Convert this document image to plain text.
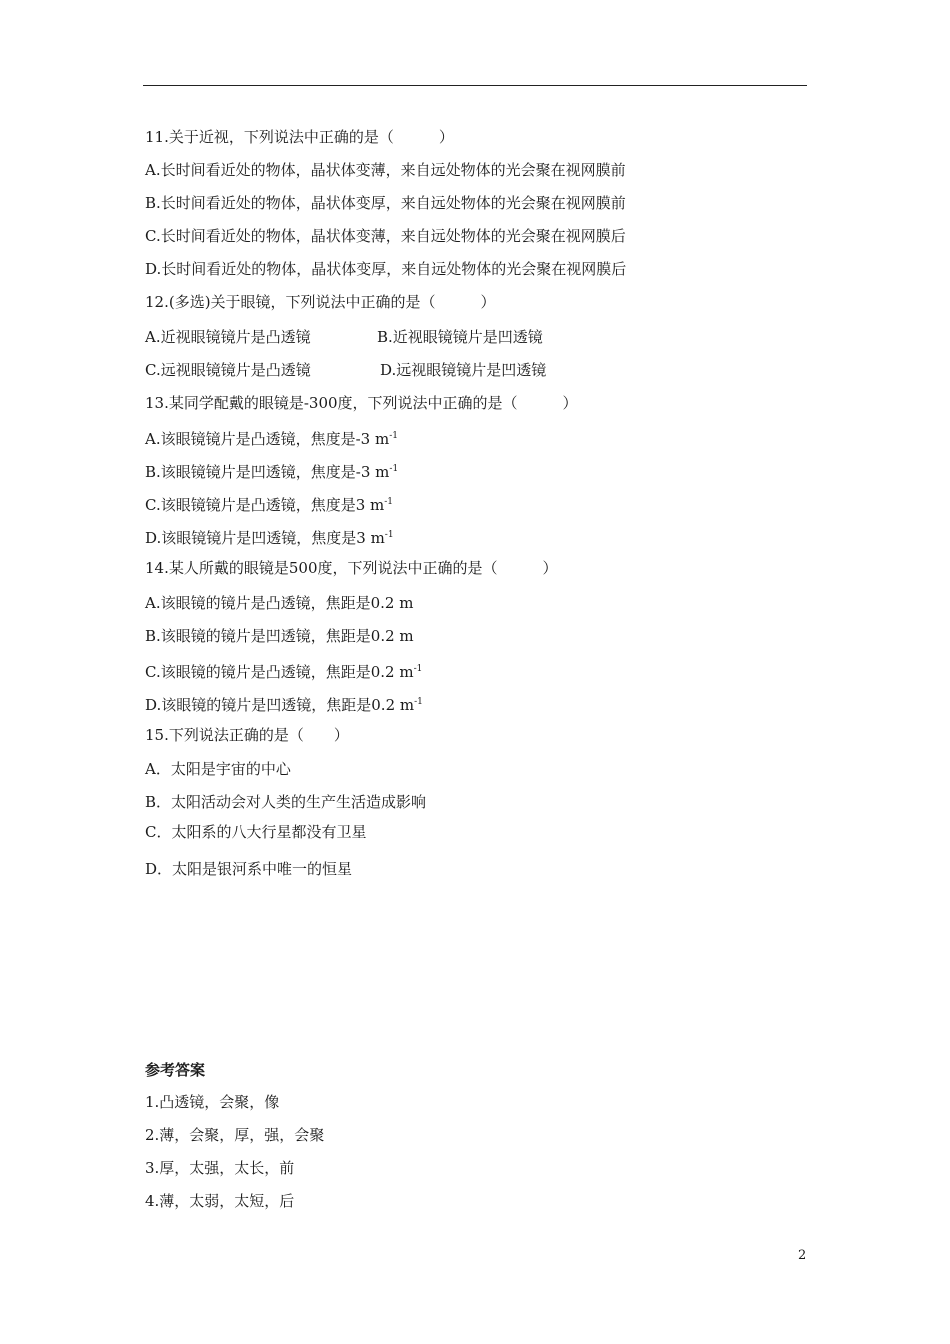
11.关于近视，下列说法中正确的是（　　　）
A.长时间看近处的物体，晶状体变薄，来自远处物体的光会聚在视网膜前
B.长时间看近处的物体，晶状体变厚，来自远处物体的光会聚在视网膜前
C.长时间看近处的物体，晶状体变薄，来自远处物体的光会聚在视网膜后
D.长时间看近处的物体，晶状体变厚，来自远处物体的光会聚在视网膜后
12.(多选)关于眼镜，下列说法中正确的是（　　　）
A.近视眼镜镜片是凸透镜	B.近视眼镜镜片是凹透镜
C.远视眼镜镜片是凸透镜	D.远视眼镜镜片是凹透镜
13.某同学配戴的眼镜是-300度，下列说法中正确的是（　　　）
A.该眼镜镜片是凸透镜，焦度是-3 $m^{-1}$
B.该眼镜镜片是凹透镜，焦度是-3 $m^{-1}$
C.该眼镜镜片是凸透镜，焦度是3 $m^{-1}$
D.该眼镜镜片是凹透镜，焦度是3 $m^{-1}$
14.某人所戴的眼镜是500度，下列说法中正确的是（　　　）
A.该眼镜的镜片是凸透镜，焦距是0.2 m
B.该眼镜的镜片是凹透镜，焦距是0.2 m
C.该眼镜的镜片是凸透镜，焦距是0.2 $m^{-1}$
D.该眼镜的镜片是凹透镜，焦距是0.2 $m^{-1}$
15.下列说法正确的是（　　）
A．太阳是宇宙的中心
B．太阳活动会对人类的生产生活造成影响
C．太阳系的八大行星都没有卫星
D．太阳是银河系中唯一的恒星
参考答案
1.凸透镜，会聚，像
2.薄，会聚，厚，强，会聚
3.厚，太强，太长，前
4.薄，太弱，太短，后
2
